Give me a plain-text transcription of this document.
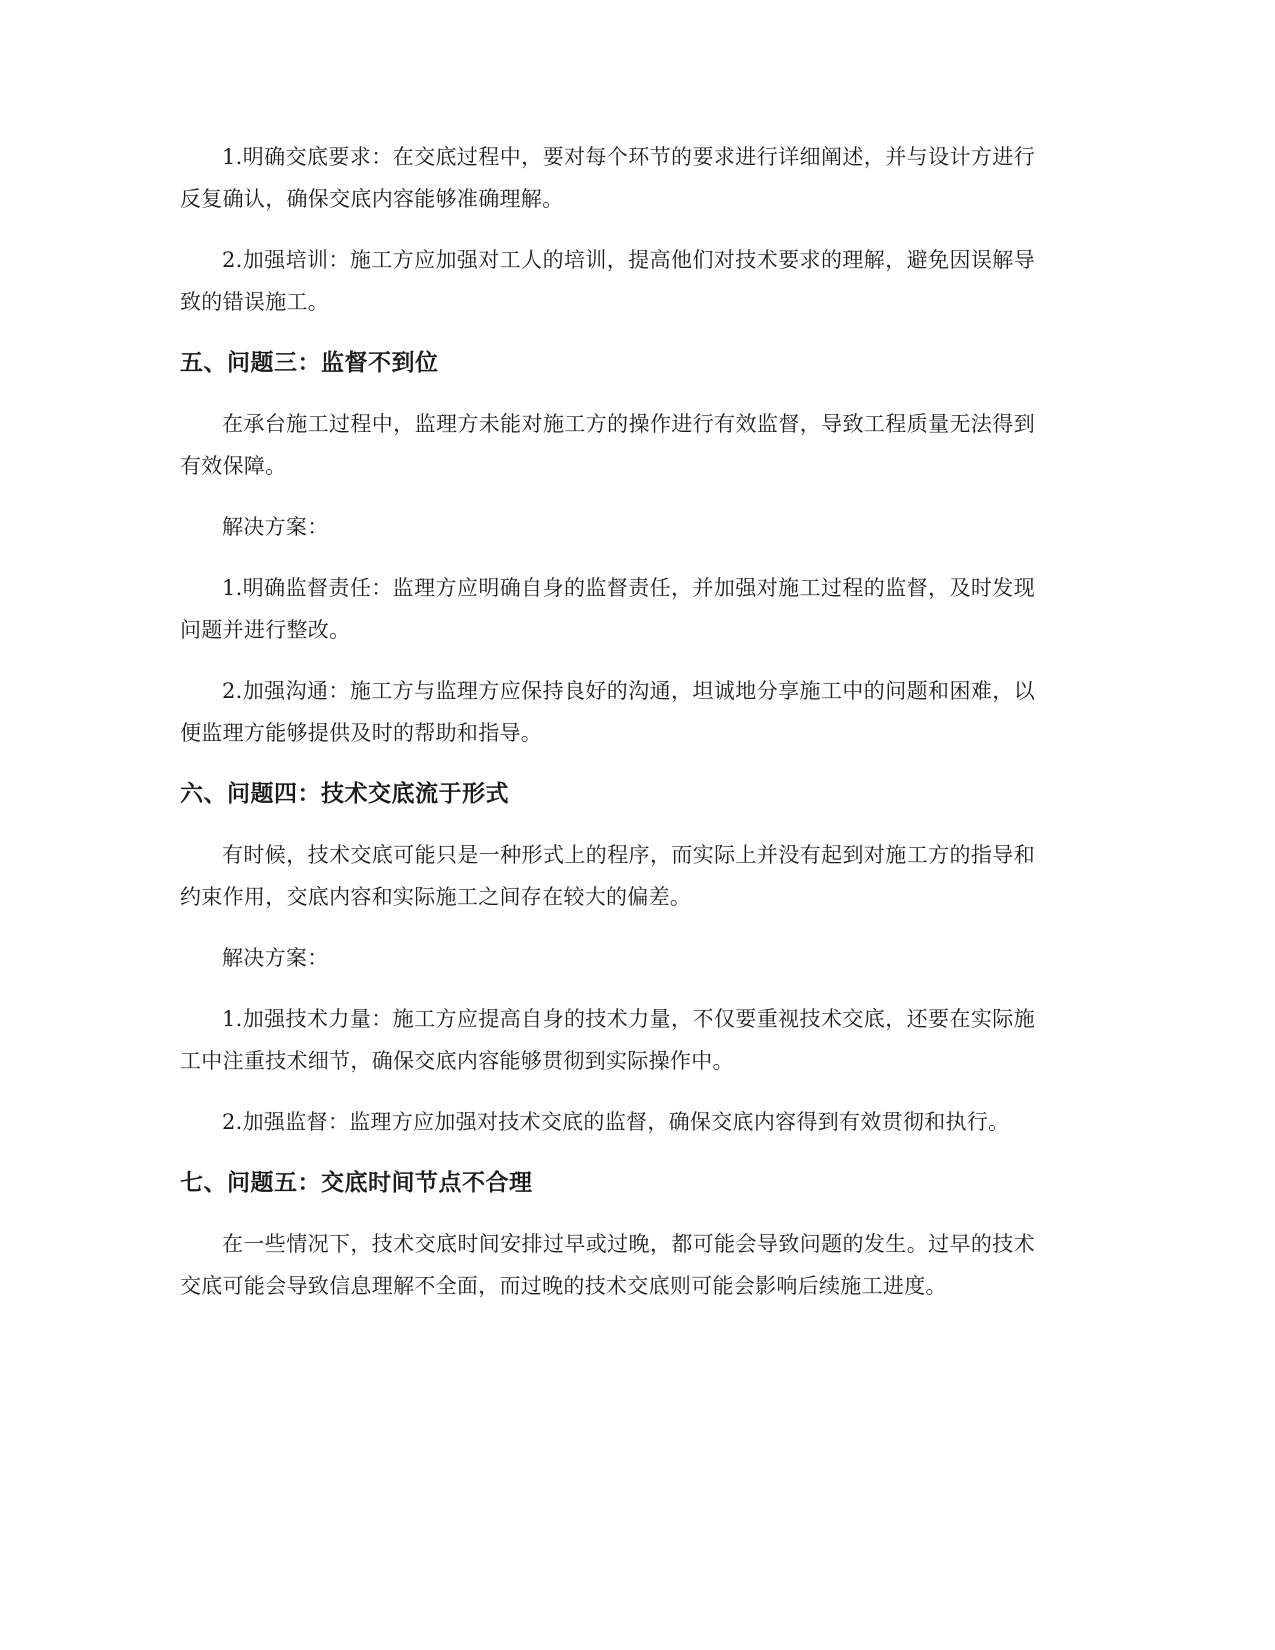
1.明确交底要求：在交底过程中，要对每个环节的要求进行详细阐述，并与设计方进行反复确认，确保交底内容能够准确理解。

2.加强培训：施工方应加强对工人的培训，提高他们对技术要求的理解，避免因误解导致的错误施工。

五、问题三：监督不到位

在承台施工过程中，监理方未能对施工方的操作进行有效监督，导致工程质量无法得到有效保障。

解决方案：

1.明确监督责任：监理方应明确自身的监督责任，并加强对施工过程的监督，及时发现问题并进行整改。

2.加强沟通：施工方与监理方应保持良好的沟通，坦诚地分享施工中的问题和困难，以便监理方能够提供及时的帮助和指导。

六、问题四：技术交底流于形式

有时候，技术交底可能只是一种形式上的程序，而实际上并没有起到对施工方的指导和约束作用，交底内容和实际施工之间存在较大的偏差。

解决方案：

1.加强技术力量：施工方应提高自身的技术力量，不仅要重视技术交底，还要在实际施工中注重技术细节，确保交底内容能够贯彻到实际操作中。

2.加强监督：监理方应加强对技术交底的监督，确保交底内容得到有效贯彻和执行。

七、问题五：交底时间节点不合理

在一些情况下，技术交底时间安排过早或过晚，都可能会导致问题的发生。过早的技术交底可能会导致信息理解不全面，而过晚的技术交底则可能会影响后续施工进度。
